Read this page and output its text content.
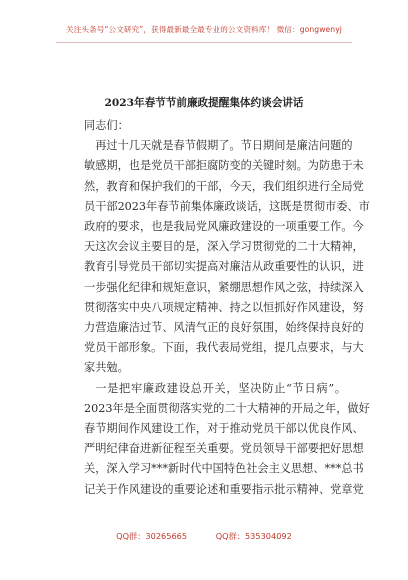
关注头条号“公文研究”，获得最新最全最专业的公文资料库！ 微信：gongwenyj
2023年春节节前廉政提醒集体约谈会讲话

同志们：

再过十几天就是春节假期了。节日期间是廉洁问题的

敏感期，也是党员干部拒腐防变的关键时刻。为防患于未

然，教育和保护我们的干部，今天，我们组织进行全局党

员干部2023年春节前集体廉政谈话，这既是贯彻市委、市

政府的要求，也是我局党风廉政建设的一项重要工作。今

天这次会议主要目的是，深入学习贯彻党的二十大精神，

教育引导党员干部切实提高对廉洁从政重要性的认识，进

一步强化纪律和规矩意识，紧绷思想作风之弦，持续深入

贯彻落实中央八项规定精神、持之以恒抓好作风建设，努

力营造廉洁过节、风清气正的良好氛围，始终保持良好的

党员干部形象。下面，我代表局党组，提几点要求，与大

家共勉。

一是把牢廉政建设总开关，坚决防止“节日病”。

2023年是全面贯彻落实党的二十大精神的开局之年，做好

春节期间作风建设工作，对于推动党员干部以优良作风、

严明纪律奋进新征程至关重要。党员领导干部要把好思想

关，深入学习***新时代中国特色社会主义思想、***总书

记关于作风建设的重要论述和重要指示批示精神、党章党

QQ群：30265665	QQ群：535304092
